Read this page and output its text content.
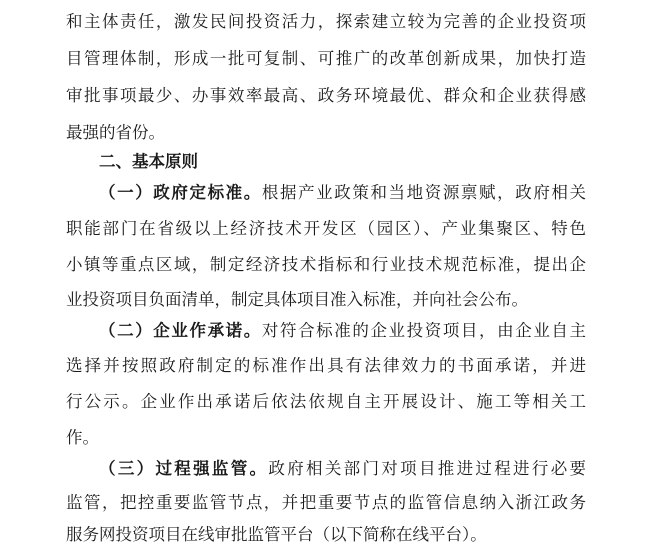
和主体责任，激发民间投资活力，探索建立较为完善的企业投资项
目管理体制，形成一批可复制、可推广的改革创新成果，加快打造
审批事项最少、办事效率最高、政务环境最优、群众和企业获得感
最强的省份。
二、基本原则
（一）政府定标准。根据产业政策和当地资源禀赋，政府相关
职能部门在省级以上经济技术开发区（园区）、产业集聚区、特色
小镇等重点区域，制定经济技术指标和行业技术规范标准，提出企
业投资项目负面清单，制定具体项目准入标准，并向社会公布。
（二）企业作承诺。对符合标准的企业投资项目，由企业自主
选择并按照政府制定的标准作出具有法律效力的书面承诺，并进
行公示。企业作出承诺后依法依规自主开展设计、施工等相关工
作。
（三）过程强监管。政府相关部门对项目推进过程进行必要
监管，把控重要监管节点，并把重要节点的监管信息纳入浙江政务
服务网投资项目在线审批监管平台（以下简称在线平台）。
